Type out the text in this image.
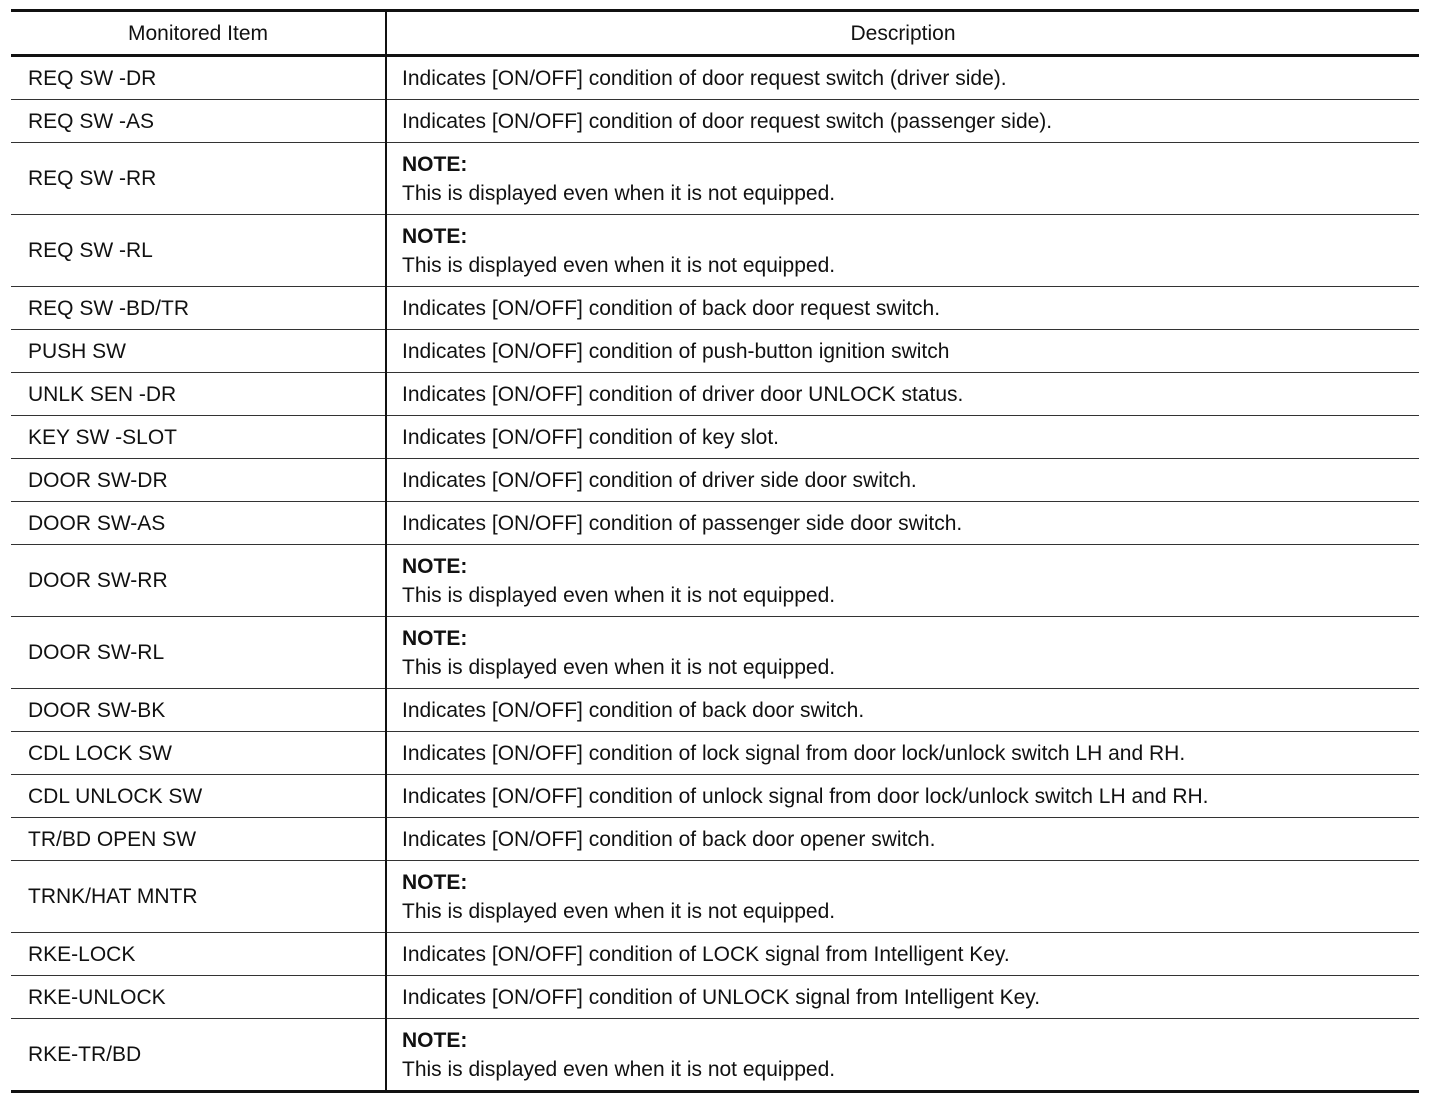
Monitored Item	Description
REQ SW -DR	Indicates [ON/OFF] condition of door request switch (driver side).
REQ SW -AS	Indicates [ON/OFF] condition of door request switch (passenger side).
REQ SW -RR	NOTE:
This is displayed even when it is not equipped.

REQ SW -RL	NOTE:
This is displayed even when it is not equipped.

REQ SW -BD/TR	Indicates [ON/OFF] condition of back door request switch.
PUSH SW	Indicates [ON/OFF] condition of push-button ignition switch
UNLK SEN -DR	Indicates [ON/OFF] condition of driver door UNLOCK status.
KEY SW -SLOT	Indicates [ON/OFF] condition of key slot.
DOOR SW-DR	Indicates [ON/OFF] condition of driver side door switch.
DOOR SW-AS	Indicates [ON/OFF] condition of passenger side door switch.
DOOR SW-RR	NOTE:
This is displayed even when it is not equipped.

DOOR SW-RL	NOTE:
This is displayed even when it is not equipped.

DOOR SW-BK	Indicates [ON/OFF] condition of back door switch.
CDL LOCK SW	Indicates [ON/OFF] condition of lock signal from door lock/unlock switch LH and RH.
CDL UNLOCK SW	Indicates [ON/OFF] condition of unlock signal from door lock/unlock switch LH and RH.
TR/BD OPEN SW	Indicates [ON/OFF] condition of back door opener switch.
TRNK/HAT MNTR	NOTE:
This is displayed even when it is not equipped.

RKE-LOCK	Indicates [ON/OFF] condition of LOCK signal from Intelligent Key.
RKE-UNLOCK	Indicates [ON/OFF] condition of UNLOCK signal from Intelligent Key.
RKE-TR/BD	NOTE:
This is displayed even when it is not equipped.
